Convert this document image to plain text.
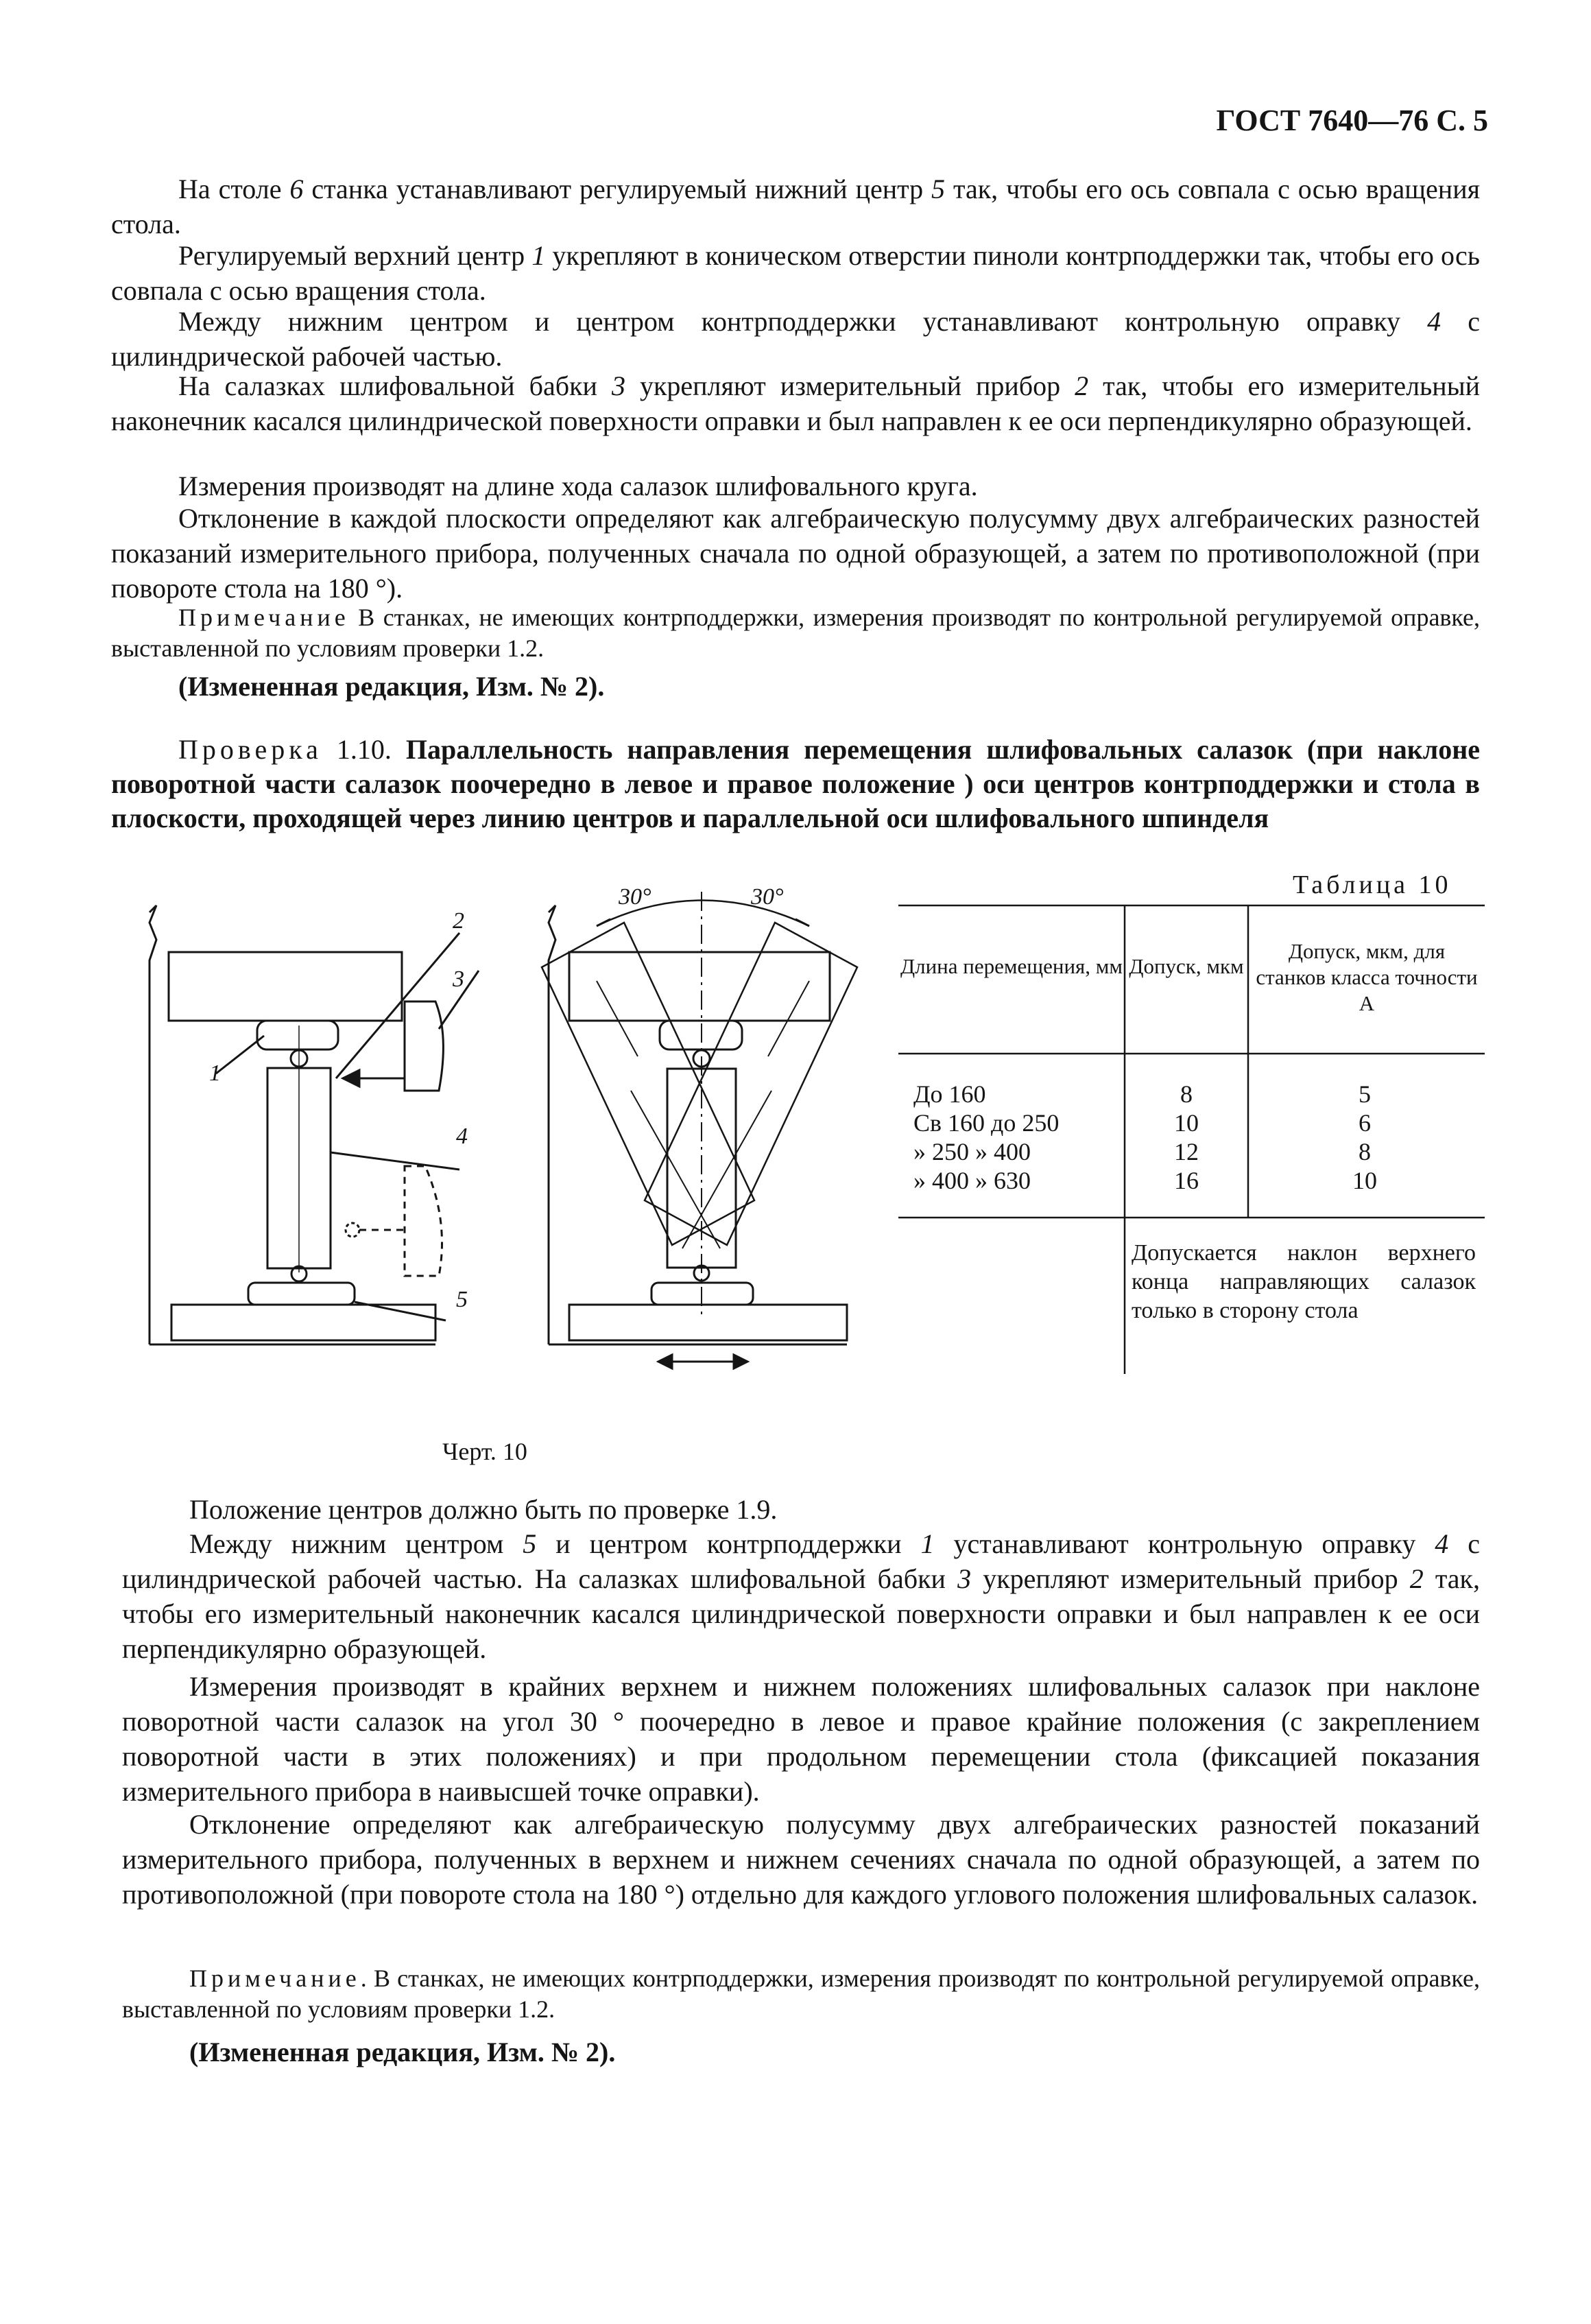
ГОСТ 7640—76 С. 5
На столе 6 станка устанавливают регулируемый нижний центр 5 так, чтобы его ось совпала с осью вращения стола.
Регулируемый верхний центр 1 укрепляют в коническом отверстии пиноли контрподдержки так, чтобы его ось совпала с осью вращения стола.
Между нижним центром и центром контрподдержки устанавливают контрольную оправку 4 с цилиндрической рабочей частью.
На салазках шлифовальной бабки 3 укрепляют измерительный прибор 2 так, чтобы его измерительный наконечник касался цилиндрической поверхности оправки и был направлен к ее оси перпендикулярно образующей.
Измерения производят на длине хода салазок шлифовального круга.
Отклонение в каждой плоскости определяют как алгебраическую полусумму двух алгебраических разностей показаний измерительного прибора, полученных сначала по одной образующей, а затем по противоположной (при повороте стола на 180 °).
Примечание В станках, не имеющих контрподдержки, измерения производят по контрольной регулируемой оправке, выставленной по условиям проверки 1.2.
(Измененная редакция, Изм. № 2).
Проверка 1.10. Параллельность направления перемещения шлифовальных салазок (при наклоне поворотной части салазок поочередно в левое и правое положение ) оси центров контрподдержки и стола в плоскости, проходящей через линию центров и параллельной оси шлифовального шпинделя
1
2
3
4
5
30°	30°
Черт. 10
Таблица 10
Длина перемещения, мм Допуск, мкм
Допуск, мкм, для станков класса точности А
До 160
Св 160 до 250
» 250 » 400
» 400 » 630
8
10
12
16
5
6
8
10
Допускается наклон верхнего конца направляющих салазок только в сторону стола
Положение центров должно быть по проверке 1.9.
Между нижним центром 5 и центром контрподдержки 1 устанавливают контрольную оправку 4 с цилиндрической рабочей частью. На салазках шлифовальной бабки 3 укрепляют измерительный прибор 2 так, чтобы его измерительный наконечник касался цилиндрической поверхности оправки и был направлен к ее оси перпендикулярно образующей.
Измерения производят в крайних верхнем и нижнем положениях шлифовальных салазок при наклоне поворотной части салазок на угол 30 ° поочередно в левое и правое крайние положения (с закреплением поворотной части в этих положениях) и при продольном перемещении стола (фиксацией показания измерительного прибора в наивысшей точке оправки).
Отклонение определяют как алгебраическую полусумму двух алгебраических разностей показаний измерительного прибора, полученных в верхнем и нижнем сечениях сначала по одной образующей, а затем по противоположной (при повороте стола на 180 °) отдельно для каждого углового положения шлифовальных салазок.
Примечание. В станках, не имеющих контрподдержки, измерения производят по контрольной регулируемой оправке, выставленной по условиям проверки 1.2.
(Измененная редакция, Изм. № 2).
